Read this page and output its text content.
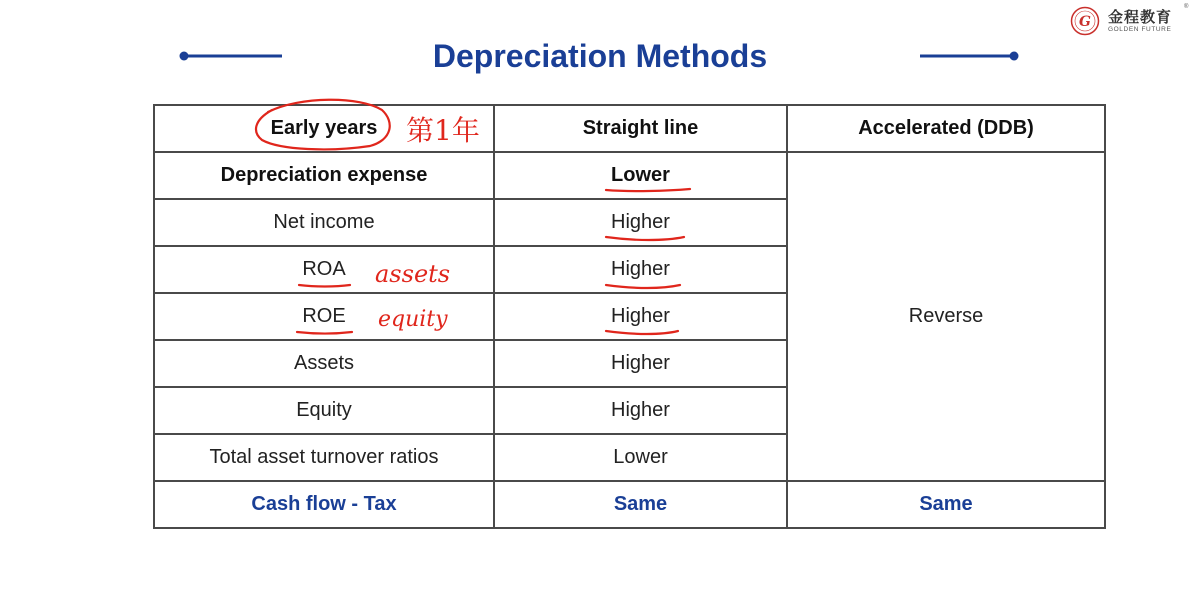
G 金程教育
®
GOLDEN FUTURE
Depreciation Methods
Early years	Straight line	Accelerated (DDB)
Depreciation expense	Lower	Reverse
Net income	Higher	
ROA	Higher	
ROE	Higher	
Assets	Higher	
Equity	Higher	
Total asset turnover ratios	Lower	
Cash flow - Tax	Same	Same
第1年
assets
equity
